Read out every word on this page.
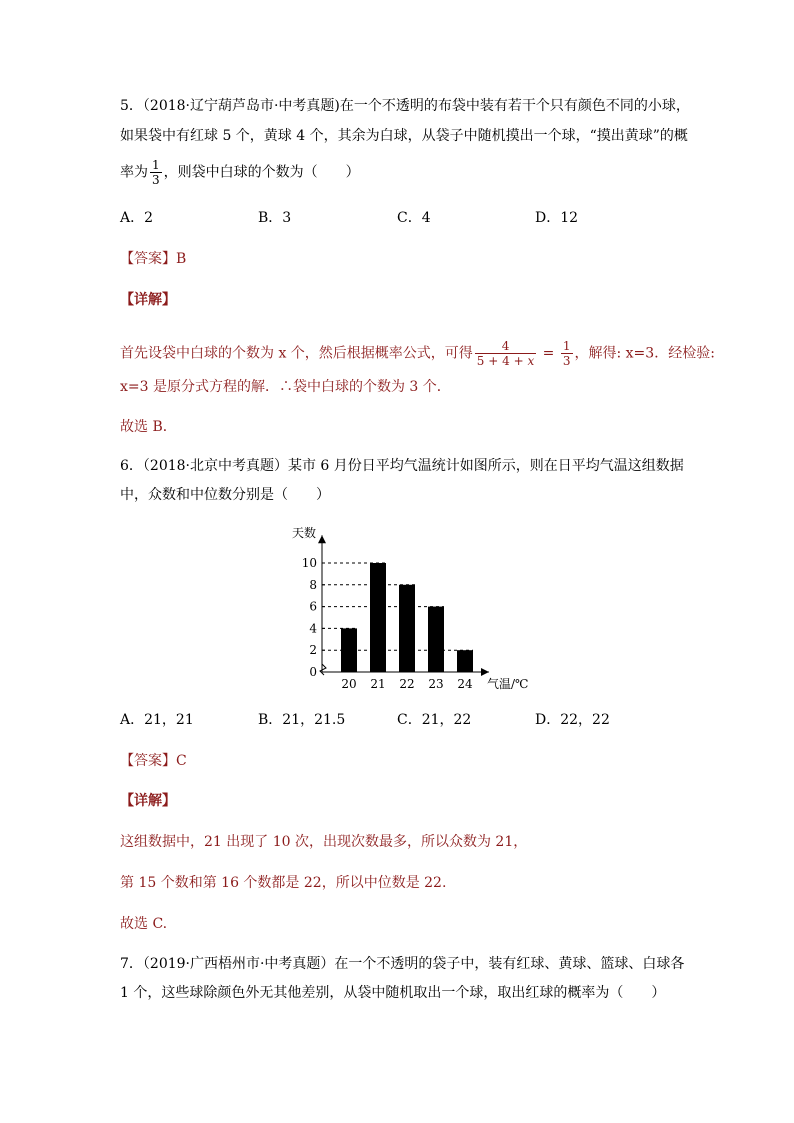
5．（2018·辽宁葫芦岛市·中考真题)在一个不透明的布袋中装有若干个只有颜色不同的小球，
如果袋中有红球 5 个，黄球 4 个，其余为白球，从袋子中随机摸出一个球，“摸出黄球”的概
率为 $\frac{1}{3}$ ，则袋中白球的个数为（　　）
A．2	B．3	C．4	D．12
【答案】B
【详解】
首先设袋中白球的个数为 x 个，然后根据概率公式，可得 $\frac{4}{5 + 4 + x} = \frac{1}{3}$ ，解得: x=3．经检验:
x=3 是原分式方程的解．∴袋中白球的个数为 3 个．
故选 B．
6．（2018·北京中考真题）某市 6 月份日平均气温统计如图所示，则在日平均气温这组数据
中，众数和中位数分别是（　　）
0
2
4
6
8
10
20 21 22 23 24
天数
气温/℃
A．21，21	B．21，21.5	C．21，22	D．22，22
【答案】C
【详解】
这组数据中，21 出现了 10 次，出现次数最多，所以众数为 21，
第 15 个数和第 16 个数都是 22，所以中位数是 22.
故选 C.
7．（2019·广西梧州市·中考真题）在一个不透明的袋子中，装有红球、黄球、篮球、白球各
1 个，这些球除颜色外无其他差别，从袋中随机取出一个球，取出红球的概率为（　　）
